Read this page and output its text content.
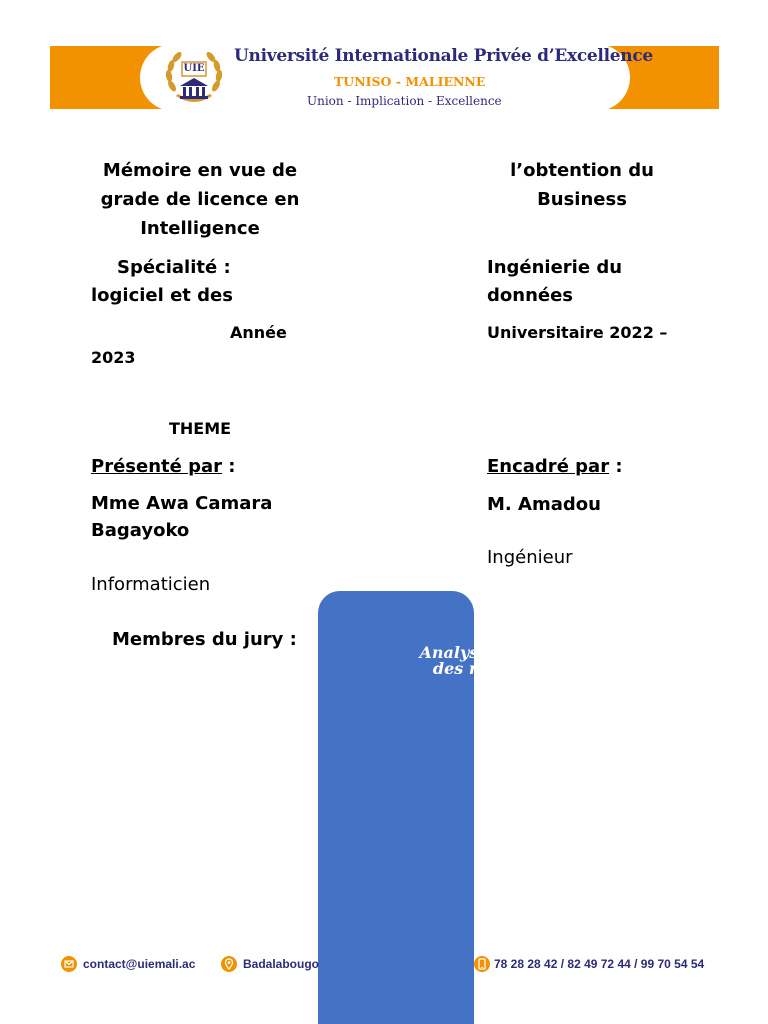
UIE
Université Internationale Privée d’Excellence
TUNISO - MALIENNE
Union - Implication - Excellence
Mémoire en vue de
grade de licence en
Intelligence
l’obtention du
Business
Spécialité :
logiciel et des
Ingénierie du
données
Année
2023
Universitaire 2022 –
THEME
Présenté par :
Mme Awa Camara
Bagayoko
Informaticien
Encadré par :
M. Amadou
Ingénieur
Membres du jury :
Analyse explora
des risques p
contact@uiemali.ac	Badalabougo	78 28 28 42 / 82 49 72 44 / 99 70 54 54
